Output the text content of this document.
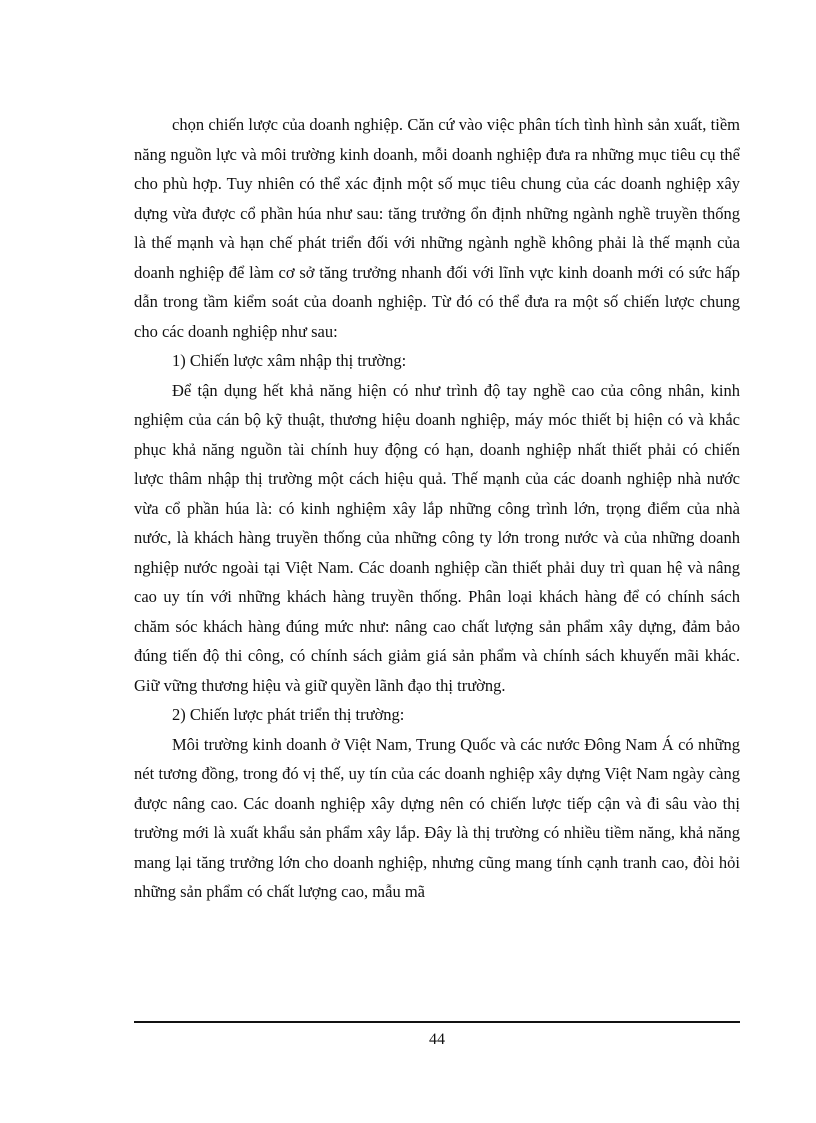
chọn chiến lược của doanh nghiệp. Căn cứ vào việc phân tích tình hình sản xuất, tiềm năng nguồn lực và môi trường kinh doanh, mỗi doanh nghiệp đưa ra những mục tiêu cụ thể cho phù hợp. Tuy nhiên có thể xác định một số mục tiêu chung của các doanh nghiệp xây dựng vừa được cổ phần húa như sau: tăng trưởng ổn định những ngành nghề truyền thống là thế mạnh và hạn chế phát triển đối với những ngành nghề không phải là thế mạnh của doanh nghiệp để làm cơ sở tăng trưởng nhanh đối với lĩnh vực kinh doanh mới có sức hấp dẫn trong tầm kiểm soát của doanh nghiệp. Từ đó có thể đưa ra một số chiến lược chung cho các doanh nghiệp như sau:

1) Chiến lược xâm nhập thị trường:

Để tận dụng hết khả năng hiện có như trình độ tay nghề cao của công nhân, kinh nghiệm của cán bộ kỹ thuật, thương hiệu doanh nghiệp, máy móc thiết bị hiện có và khắc phục khả năng nguồn tài chính huy động có hạn, doanh nghiệp nhất thiết phải có chiến lược thâm nhập thị trường một cách hiệu quả. Thế mạnh của các doanh nghiệp nhà nước vừa cổ phần húa là: có kinh nghiệm xây lắp những công trình lớn, trọng điểm của nhà nước, là khách hàng truyền thống của những công ty lớn trong nước và của những doanh nghiệp nước ngoài tại Việt Nam. Các doanh nghiệp cần thiết phải duy trì quan hệ và nâng cao uy tín với những khách hàng truyền thống. Phân loại khách hàng để có chính sách chăm sóc khách hàng đúng mức như: nâng cao chất lượng sản phẩm xây dựng, đảm bảo đúng tiến độ thi công, có chính sách giảm giá sản phẩm và chính sách khuyến mãi khác. Giữ vững thương hiệu và giữ quyền lãnh đạo thị trường.

2) Chiến lược phát triển thị trường:

Môi trường kinh doanh ở Việt Nam, Trung Quốc và các nước Đông Nam Á có những nét tương đồng, trong đó vị thế, uy tín của các doanh nghiệp xây dựng Việt Nam ngày càng được nâng cao. Các doanh nghiệp xây dựng nên có chiến lược tiếp cận và đi sâu vào thị trường mới là xuất khẩu sản phẩm xây lắp. Đây là thị trường có nhiều tiềm năng, khả năng mang lại tăng trưởng lớn cho doanh nghiệp, nhưng cũng mang tính cạnh tranh cao, đòi hỏi những sản phẩm có chất lượng cao, mẫu mã

44
